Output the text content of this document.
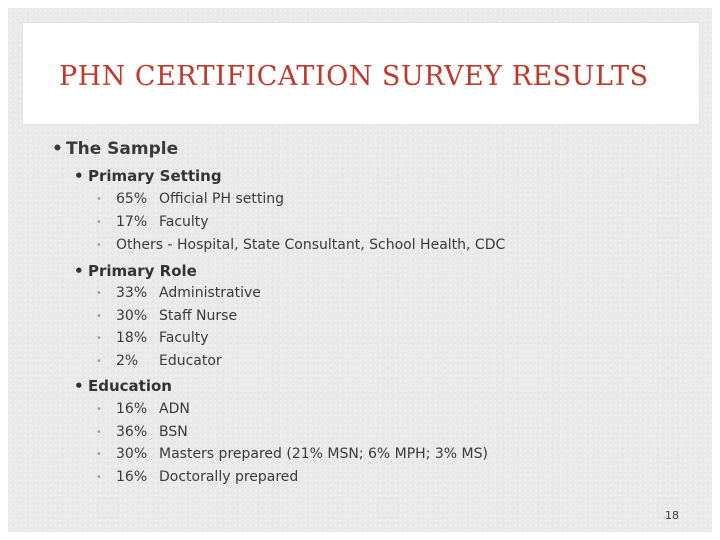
PHN CERTIFICATION SURVEY RESULTS
• The Sample
• Primary Setting
• 65% Official PH setting
• 17% Faculty
• Others - Hospital, State Consultant, School Health, CDC
• Primary Role
• 33% Administrative
• 30% Staff Nurse
• 18% Faculty
• 2% Educator
• Education
• 16% ADN
• 36% BSN
• 30% Masters prepared (21% MSN; 6% MPH; 3% MS)
• 16% Doctorally prepared
18
